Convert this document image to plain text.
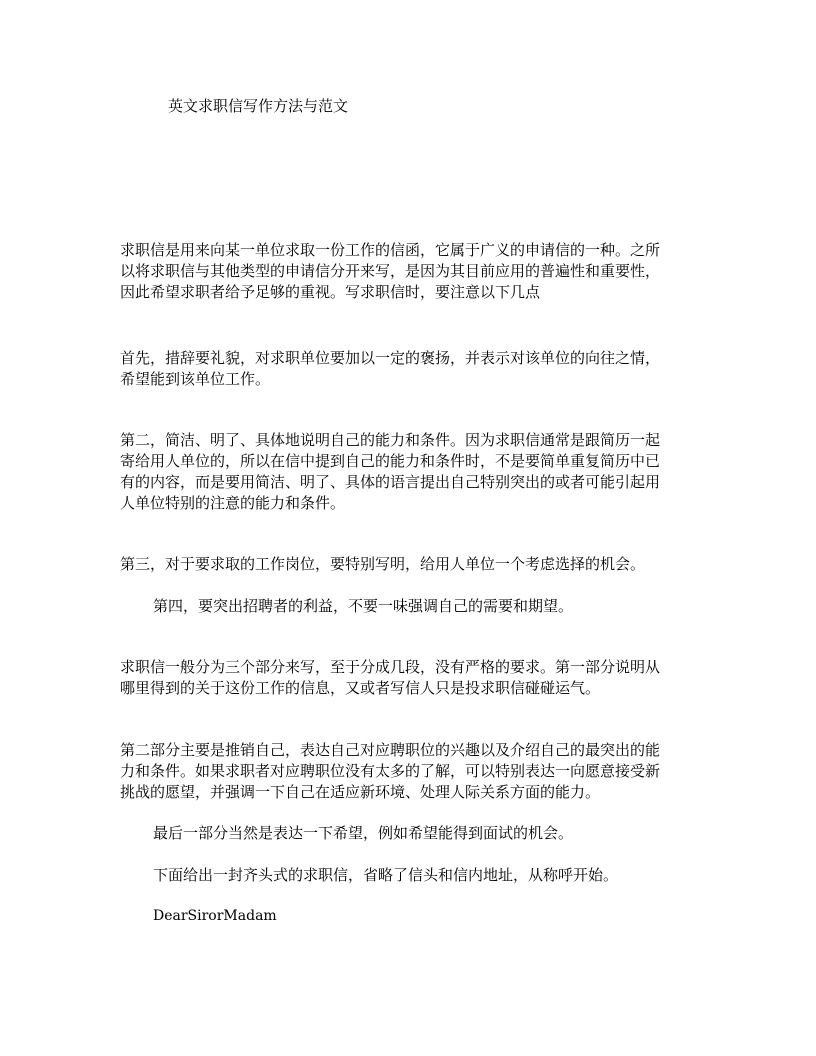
英文求职信写作方法与范文

求职信是用来向某一单位求取一份工作的信函，它属于广义的申请信的一种。之所
以将求职信与其他类型的申请信分开来写，是因为其目前应用的普遍性和重要性，
因此希望求职者给予足够的重视。写求职信时，要注意以下几点

首先，措辞要礼貌，对求职单位要加以一定的褒扬，并表示对该单位的向往之情，
希望能到该单位工作。

第二，简洁、明了、具体地说明自己的能力和条件。因为求职信通常是跟简历一起
寄给用人单位的，所以在信中提到自己的能力和条件时，不是要简单重复简历中已
有的内容，而是要用简洁、明了、具体的语言提出自己特别突出的或者可能引起用
人单位特别的注意的能力和条件。

第三，对于要求取的工作岗位，要特别写明，给用人单位一个考虑选择的机会。

第四，要突出招聘者的利益，不要一味强调自己的需要和期望。

求职信一般分为三个部分来写，至于分成几段，没有严格的要求。第一部分说明从
哪里得到的关于这份工作的信息，又或者写信人只是投求职信碰碰运气。

第二部分主要是推销自己，表达自己对应聘职位的兴趣以及介绍自己的最突出的能
力和条件。如果求职者对应聘职位没有太多的了解，可以特别表达一向愿意接受新
挑战的愿望，并强调一下自己在适应新环境、处理人际关系方面的能力。

最后一部分当然是表达一下希望，例如希望能得到面试的机会。

下面给出一封齐头式的求职信，省略了信头和信内地址，从称呼开始。

DearSirorMadam
